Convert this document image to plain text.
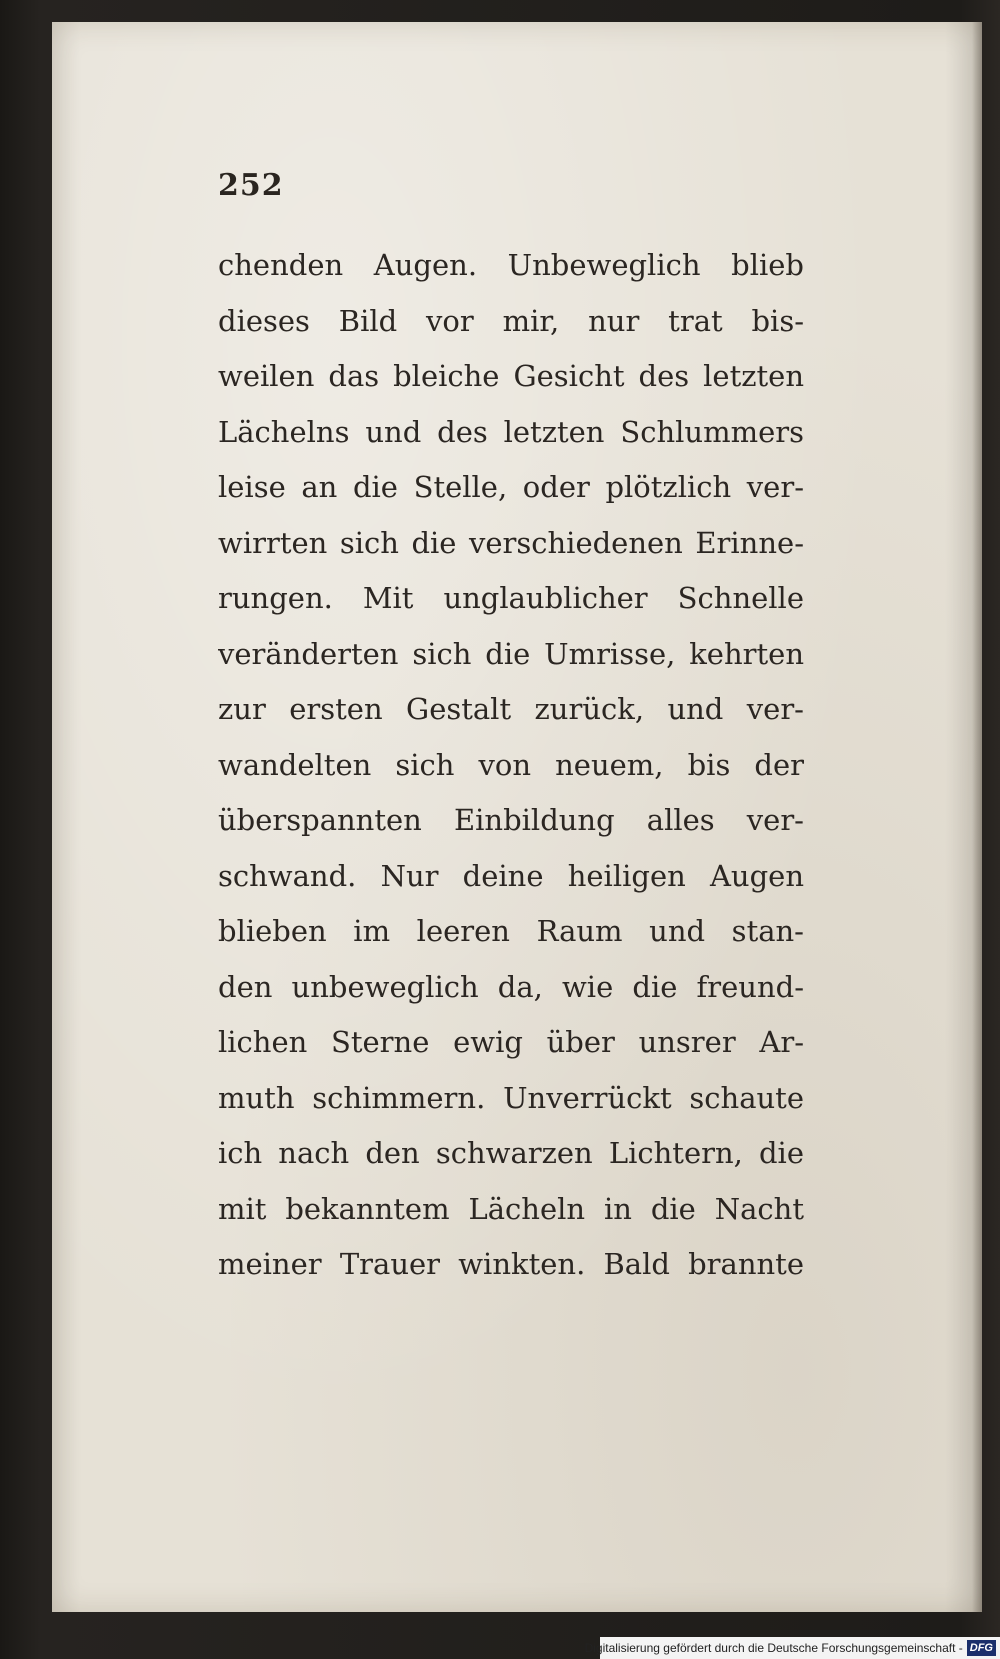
252
chenden Augen. Unbeweglich blieb
dieses Bild vor mir, nur trat bis-
weilen das bleiche Gesicht des letzten
Lächelns und des letzten Schlummers
leise an die Stelle, oder plötzlich ver-
wirrten sich die verschiedenen Erinne-
rungen. Mit unglaublicher Schnelle
veränderten sich die Umrisse, kehrten
zur ersten Gestalt zurück, und ver-
wandelten sich von neuem, bis der
überspannten Einbildung alles ver-
schwand. Nur deine heiligen Augen
blieben im leeren Raum und stan-
den unbeweglich da, wie die freund-
lichen Sterne ewig über unsrer Ar-
muth schimmern. Unverrückt schaute
ich nach den schwarzen Lichtern, die
mit bekanntem Lächeln in die Nacht
meiner Trauer winkten. Bald brannte
Digitalisierung gefördert durch die Deutsche Forschungsgemeinschaft - DFG
